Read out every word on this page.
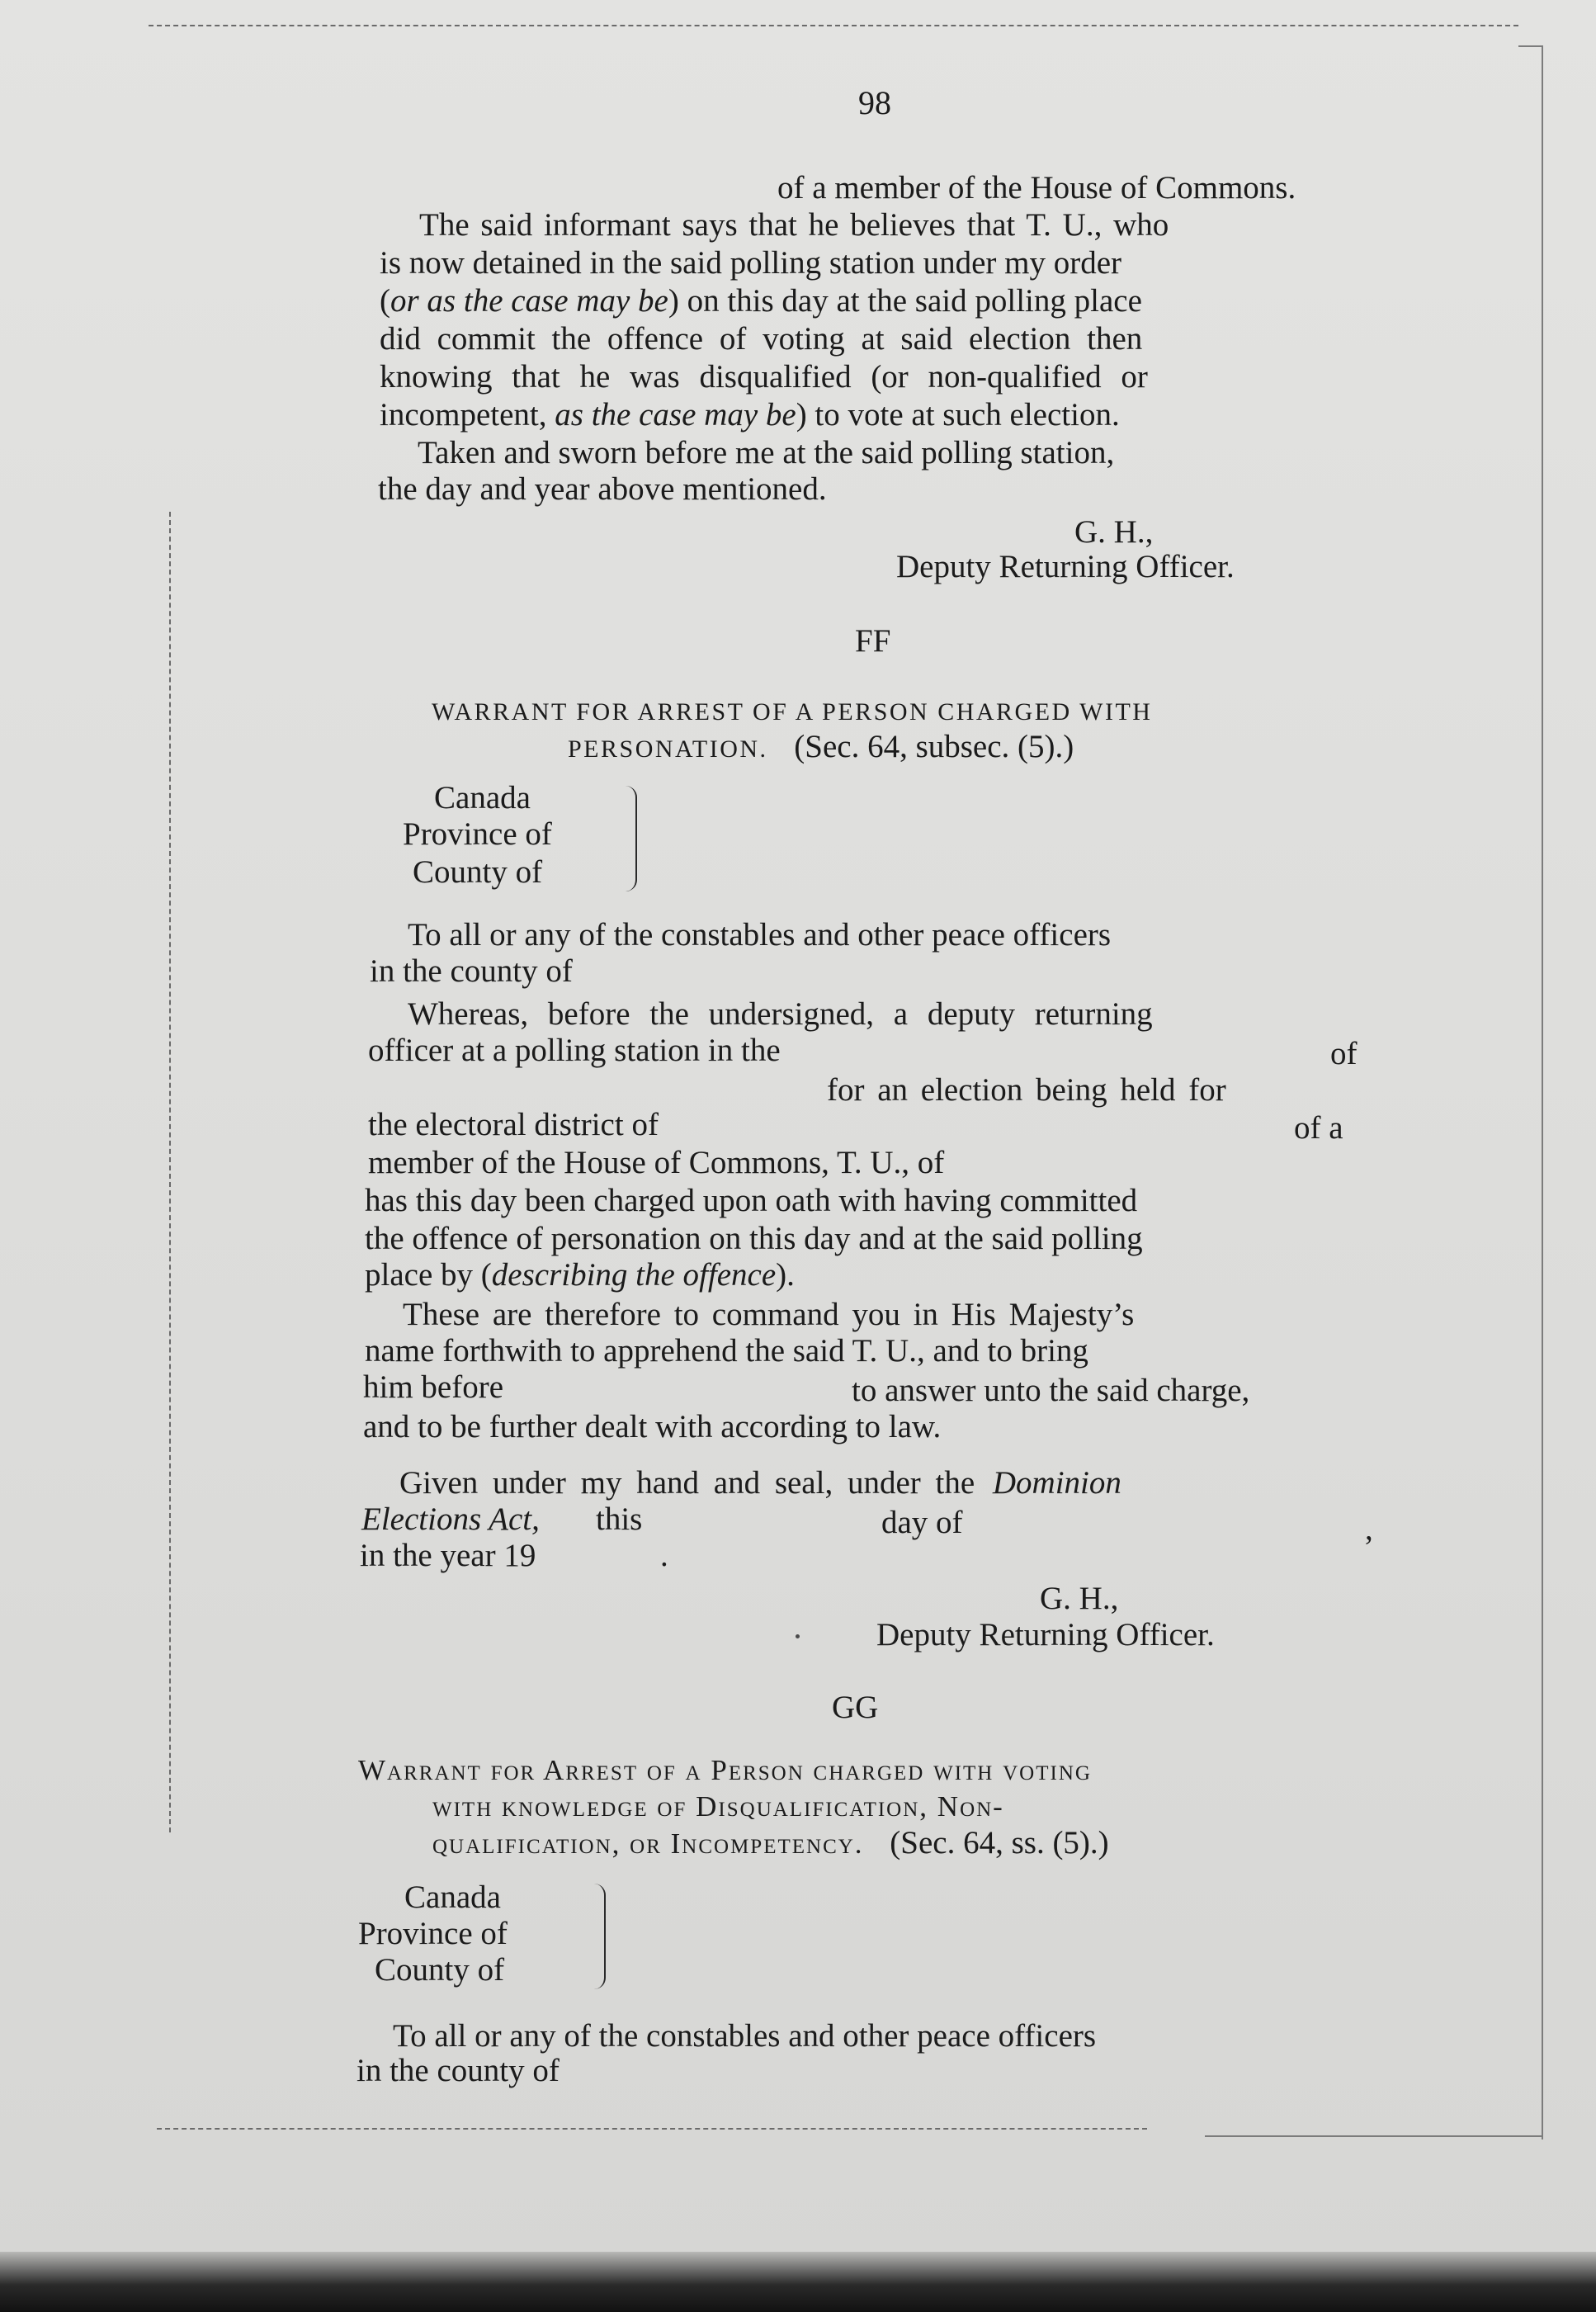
98
of a member of the House of Commons.
The said informant says that he believes that T. U., who
is now detained in the said polling station under my order
(or as the case may be) on this day at the said polling place
did commit the offence of voting at said election then
knowing that he was disqualified (or non-qualified or
incompetent, as the case may be) to vote at such election.
Taken and sworn before me at the said polling station,
the day and year above mentioned.
G. H.,
Deputy Returning Officer.
FF
WARRANT FOR ARREST OF A PERSON CHARGED WITH
PERSONATION. (Sec. 64, subsec. (5).)
Canada
Province of
County of
To all or any of the constables and other peace officers
in the county of
Whereas, before the undersigned, a deputy returning
officer at a polling station in the	of
for an election being held for
the electoral district of	of a
member of the House of Commons, T. U., of
has this day been charged upon oath with having committed
the offence of personation on this day and at the said polling
place by (describing the offence).
These are therefore to command you in His Majesty’s
name forthwith to apprehend the said T. U., and to bring
him before	to answer unto the said charge,
and to be further dealt with according to law.
Given under my hand and seal, under the Dominion
Elections Act, this	day of	,
in the year 19	.
G. H.,
Deputy Returning Officer.
GG
Warrant for Arrest of a Person charged with voting
with knowledge of Disqualification, Non-
qualification, or Incompetency. (Sec. 64, ss. (5).)
Canada
Province of
County of
To all or any of the constables and other peace officers
in the county of
